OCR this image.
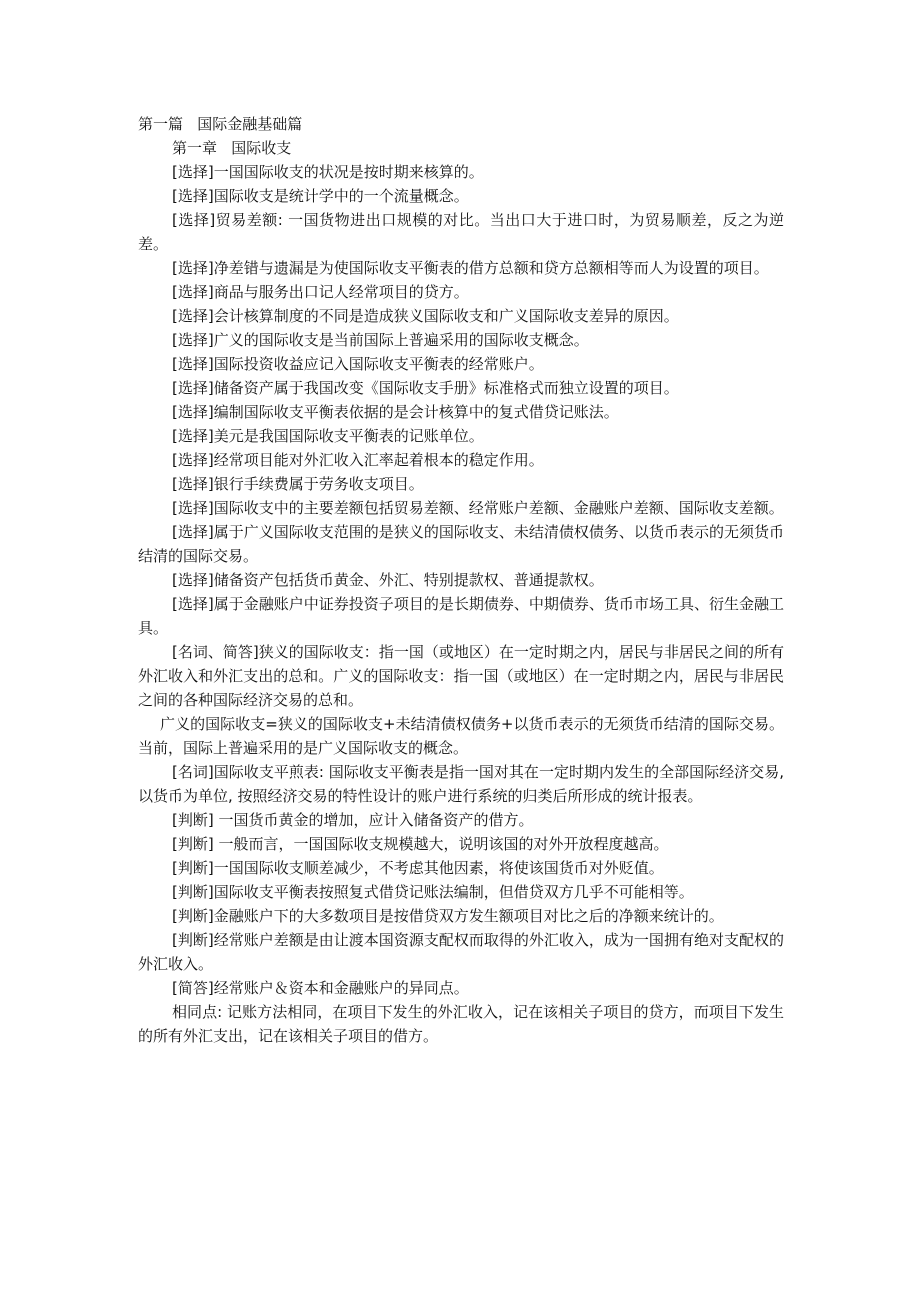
第一篇   国际金融基础篇

第一章   国际收支

[选择]一国国际收支的状况是按时期来核算的。

[选择]国际收支是统计学中的一个流量概念。

[选择]贸易差额: 一国货物进出口规模的对比。当出口大于进口时，为贸易顺差，反之为逆差。

[选择]净差错与遗漏是为使国际收支平衡表的借方总额和贷方总额相等而人为设置的项目。

[选择]商品与服务出口记人经常项目的贷方。

[选择]会计核算制度的不同是造成狭义国际收支和广义国际收支差异的原因。

[选择]广义的国际收支是当前国际上普遍采用的国际收支概念。

[选择]国际投资收益应记入国际收支平衡表的经常账户。

[选择]储备资产属于我国改变《国际收支手册》标准格式而独立设置的项目。

[选择]编制国际收支平衡表依据的是会计核算中的复式借贷记账法。

[选择]美元是我国国际收支平衡表的记账单位。

[选择]经常项目能对外汇收入汇率起着根本的稳定作用。

[选择]银行手续费属于劳务收支项目。

[选择]国际收支中的主要差额包括贸易差额、经常账户差额、金融账户差额、国际收支差额。

[选择]属于广义国际收支范围的是狭义的国际收支、未结清债权债务、以货币表示的无须货币结清的国际交易。

[选择]储备资产包括货币黄金、外汇、特别提款权、普通提款权。

[选择]属于金融账户中证券投资子项目的是长期债券、中期债券、货币市场工具、衍生金融工具。

[名词、简答]狭义的国际收支：指一国（或地区）在一定时期之内，居民与非居民之间的所有外汇收入和外汇支出的总和。广义的国际收支：指一国（或地区）在一定时期之内，居民与非居民之间的各种国际经济交易的总和。

广义的国际收支=狭义的国际收支+未结清债权债务+以货币表示的无须货币结清的国际交易。当前，国际上普遍采用的是广义国际收支的概念。

[名词]国际收支平煎表: 国际收支平衡表是指一国对其在一定时期内发生的全部国际经济交易, 以货币为单位, 按照经济交易的特性设计的账户进行系统的归类后所形成的统计报表。

[判断] 一国货币黄金的增加，应计入储备资产的借方。

[判断] 一般而言，一国国际收支规模越大，说明该国的对外开放程度越高。

[判断]一国国际收支顺差减少，不考虑其他因素，将使该国货币对外贬值。

[判断]国际收支平衡表按照复式借贷记账法编制，但借贷双方几乎不可能相等。

[判断]金融账户下的大多数项目是按借贷双方发生额项目对比之后的净额来统计的。

[判断]经常账户差额是由让渡本国资源支配权而取得的外汇收入，成为一国拥有绝对支配权的外汇收入。

[简答]经常账户＆资本和金融账户的异同点。

相同点: 记账方法相同，在项目下发生的外汇收入，记在该相关子项目的贷方，而项目下发生的所有外汇支出，记在该相关子项目的借方。
